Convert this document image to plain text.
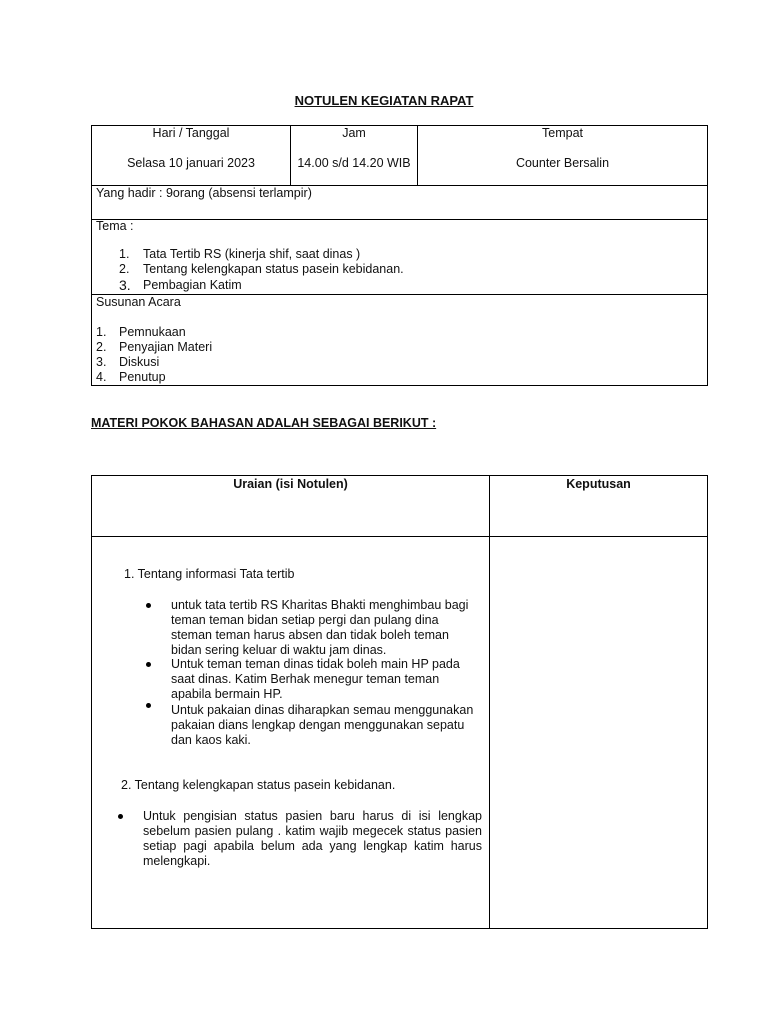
NOTULEN KEGIATAN RAPAT
Hari / Tanggal
Selasa 10 januari 2023
Jam
14.00 s/d 14.20 WIB
Tempat
Counter Bersalin
Yang hadir : 9orang (absensi terlampir)
Tema :
1. Tata Tertib RS (kinerja shif, saat dinas )
2. Tentang kelengkapan status pasein kebidanan.
3. Pembagian Katim
Susunan Acara
1. Pemnukaan
2. Penyajian Materi
3. Diskusi
4. Penutup
MATERI POKOK BAHASAN ADALAH SEBAGAI BERIKUT :
Uraian (isi Notulen)	Keputusan
1. Tentang informasi Tata tertib
untuk tata tertib RS Kharitas Bhakti menghimbau bagi teman teman bidan setiap pergi dan pulang dina steman teman harus absen dan tidak boleh teman bidan sering keluar di waktu jam dinas.
Untuk teman teman dinas tidak boleh main HP pada saat dinas. Katim Berhak menegur teman teman apabila bermain HP.
Untuk pakaian dinas diharapkan semau menggunakan pakaian dians lengkap dengan menggunakan sepatu dan kaos kaki.
2. Tentang kelengkapan status pasein kebidanan.
Untuk pengisian status pasien baru harus di isi lengkap sebelum pasien pulang . katim wajib megecek status pasien setiap pagi apabila belum ada yang lengkap katim harus melengkapi.
